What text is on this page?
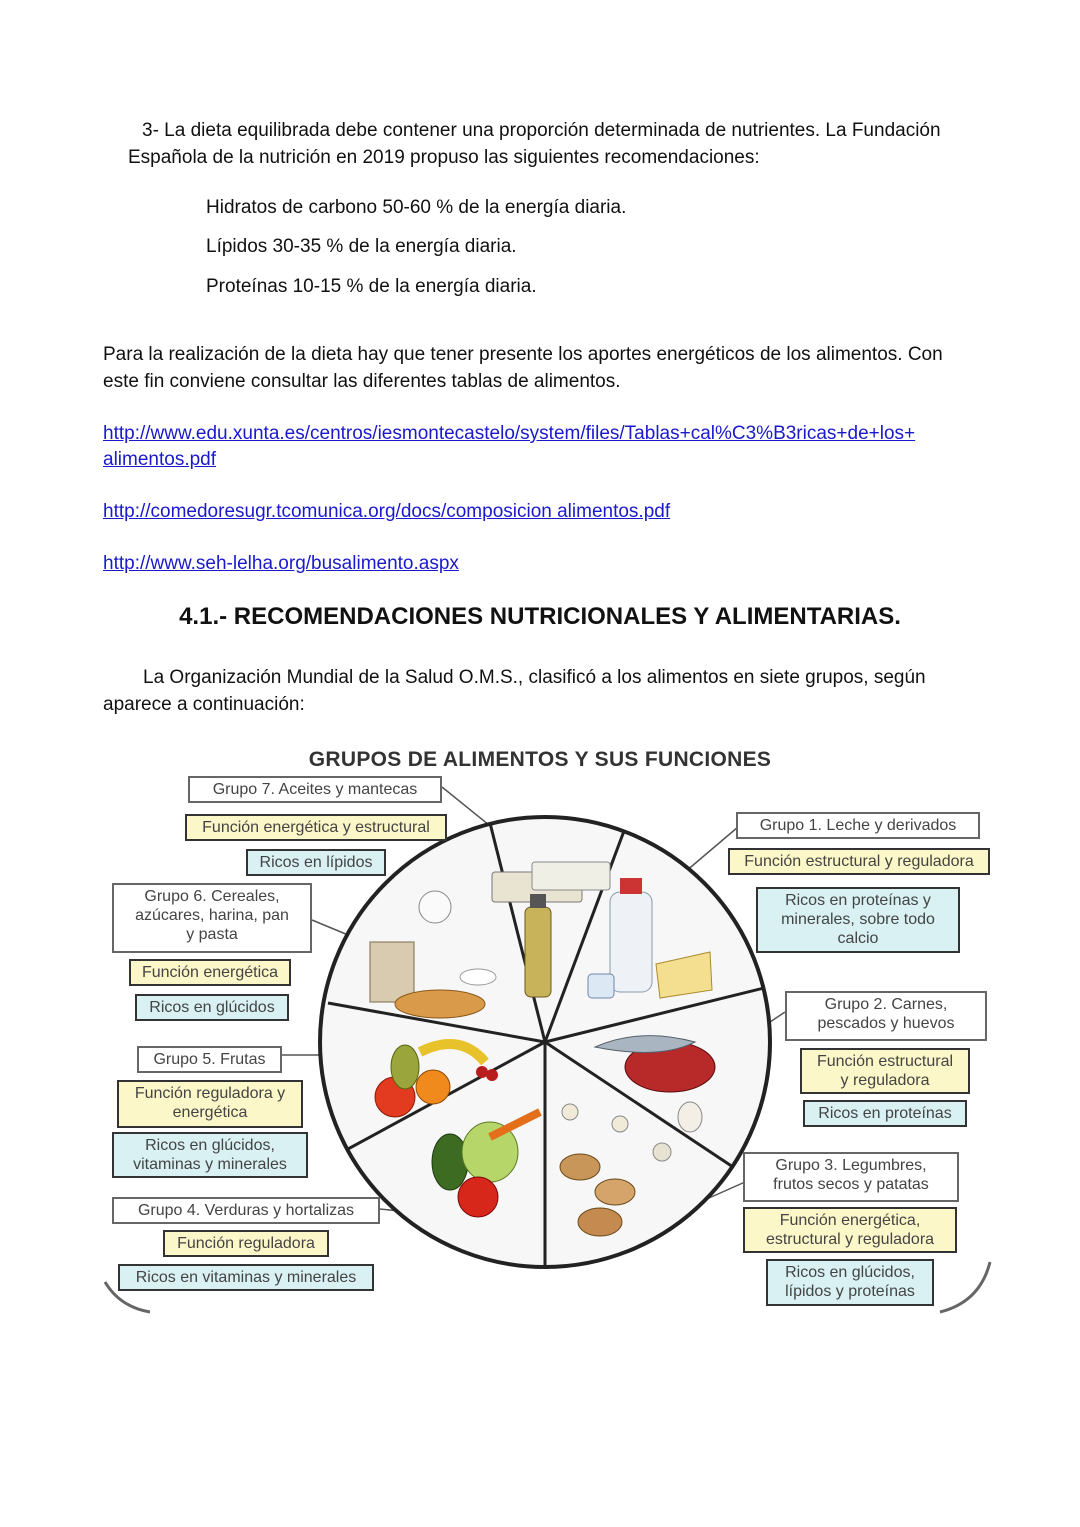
3- La dieta equilibrada debe contener una proporción determinada de nutrientes. La Fundación

Española de la nutrición en 2019 propuso las siguientes recomendaciones:

Hidratos de carbono 50-60 % de la energía diaria.

Lípidos 30-35 % de la energía diaria.

Proteínas 10-15 % de la energía diaria.

Para la realización de la dieta hay que tener presente los aportes energéticos de los alimentos. Con

este fin conviene consultar las diferentes tablas de alimentos.

http://www.edu.xunta.es/centros/iesmontecastelo/system/files/Tablas+cal%C3%B3ricas+de+los+
alimentos.pdf
http://comedoresugr.tcomunica.org/docs/composicion alimentos.pdf
http://www.seh-lelha.org/busalimento.aspx
4.1.- RECOMENDACIONES NUTRICIONALES Y ALIMENTARIAS.

La Organización Mundial de la Salud O.M.S., clasificó a los alimentos en siete grupos, según

aparece a continuación:

GRUPOS DE ALIMENTOS Y SUS FUNCIONES
Grupo 7. Aceites y mantecas
Función energética y estructural
Ricos en lípidos
Grupo 6. Cereales,
azúcares, harina, pan
y pasta
Función energética
Ricos en glúcidos
Grupo 5. Frutas
Función reguladora y
energética
Ricos en glúcidos,
vitaminas y minerales
Grupo 4. Verduras y hortalizas
Función reguladora
Ricos en vitaminas y minerales
Grupo 1. Leche y derivados
Función estructural y reguladora
Ricos en proteínas y
minerales, sobre todo
calcio
Grupo 2. Carnes,
pescados y huevos
Función estructural
y reguladora
Ricos en proteínas
Grupo 3. Legumbres,
frutos secos y patatas
Función energética,
estructural y reguladora
Ricos en glúcidos,
lípidos y proteínas
